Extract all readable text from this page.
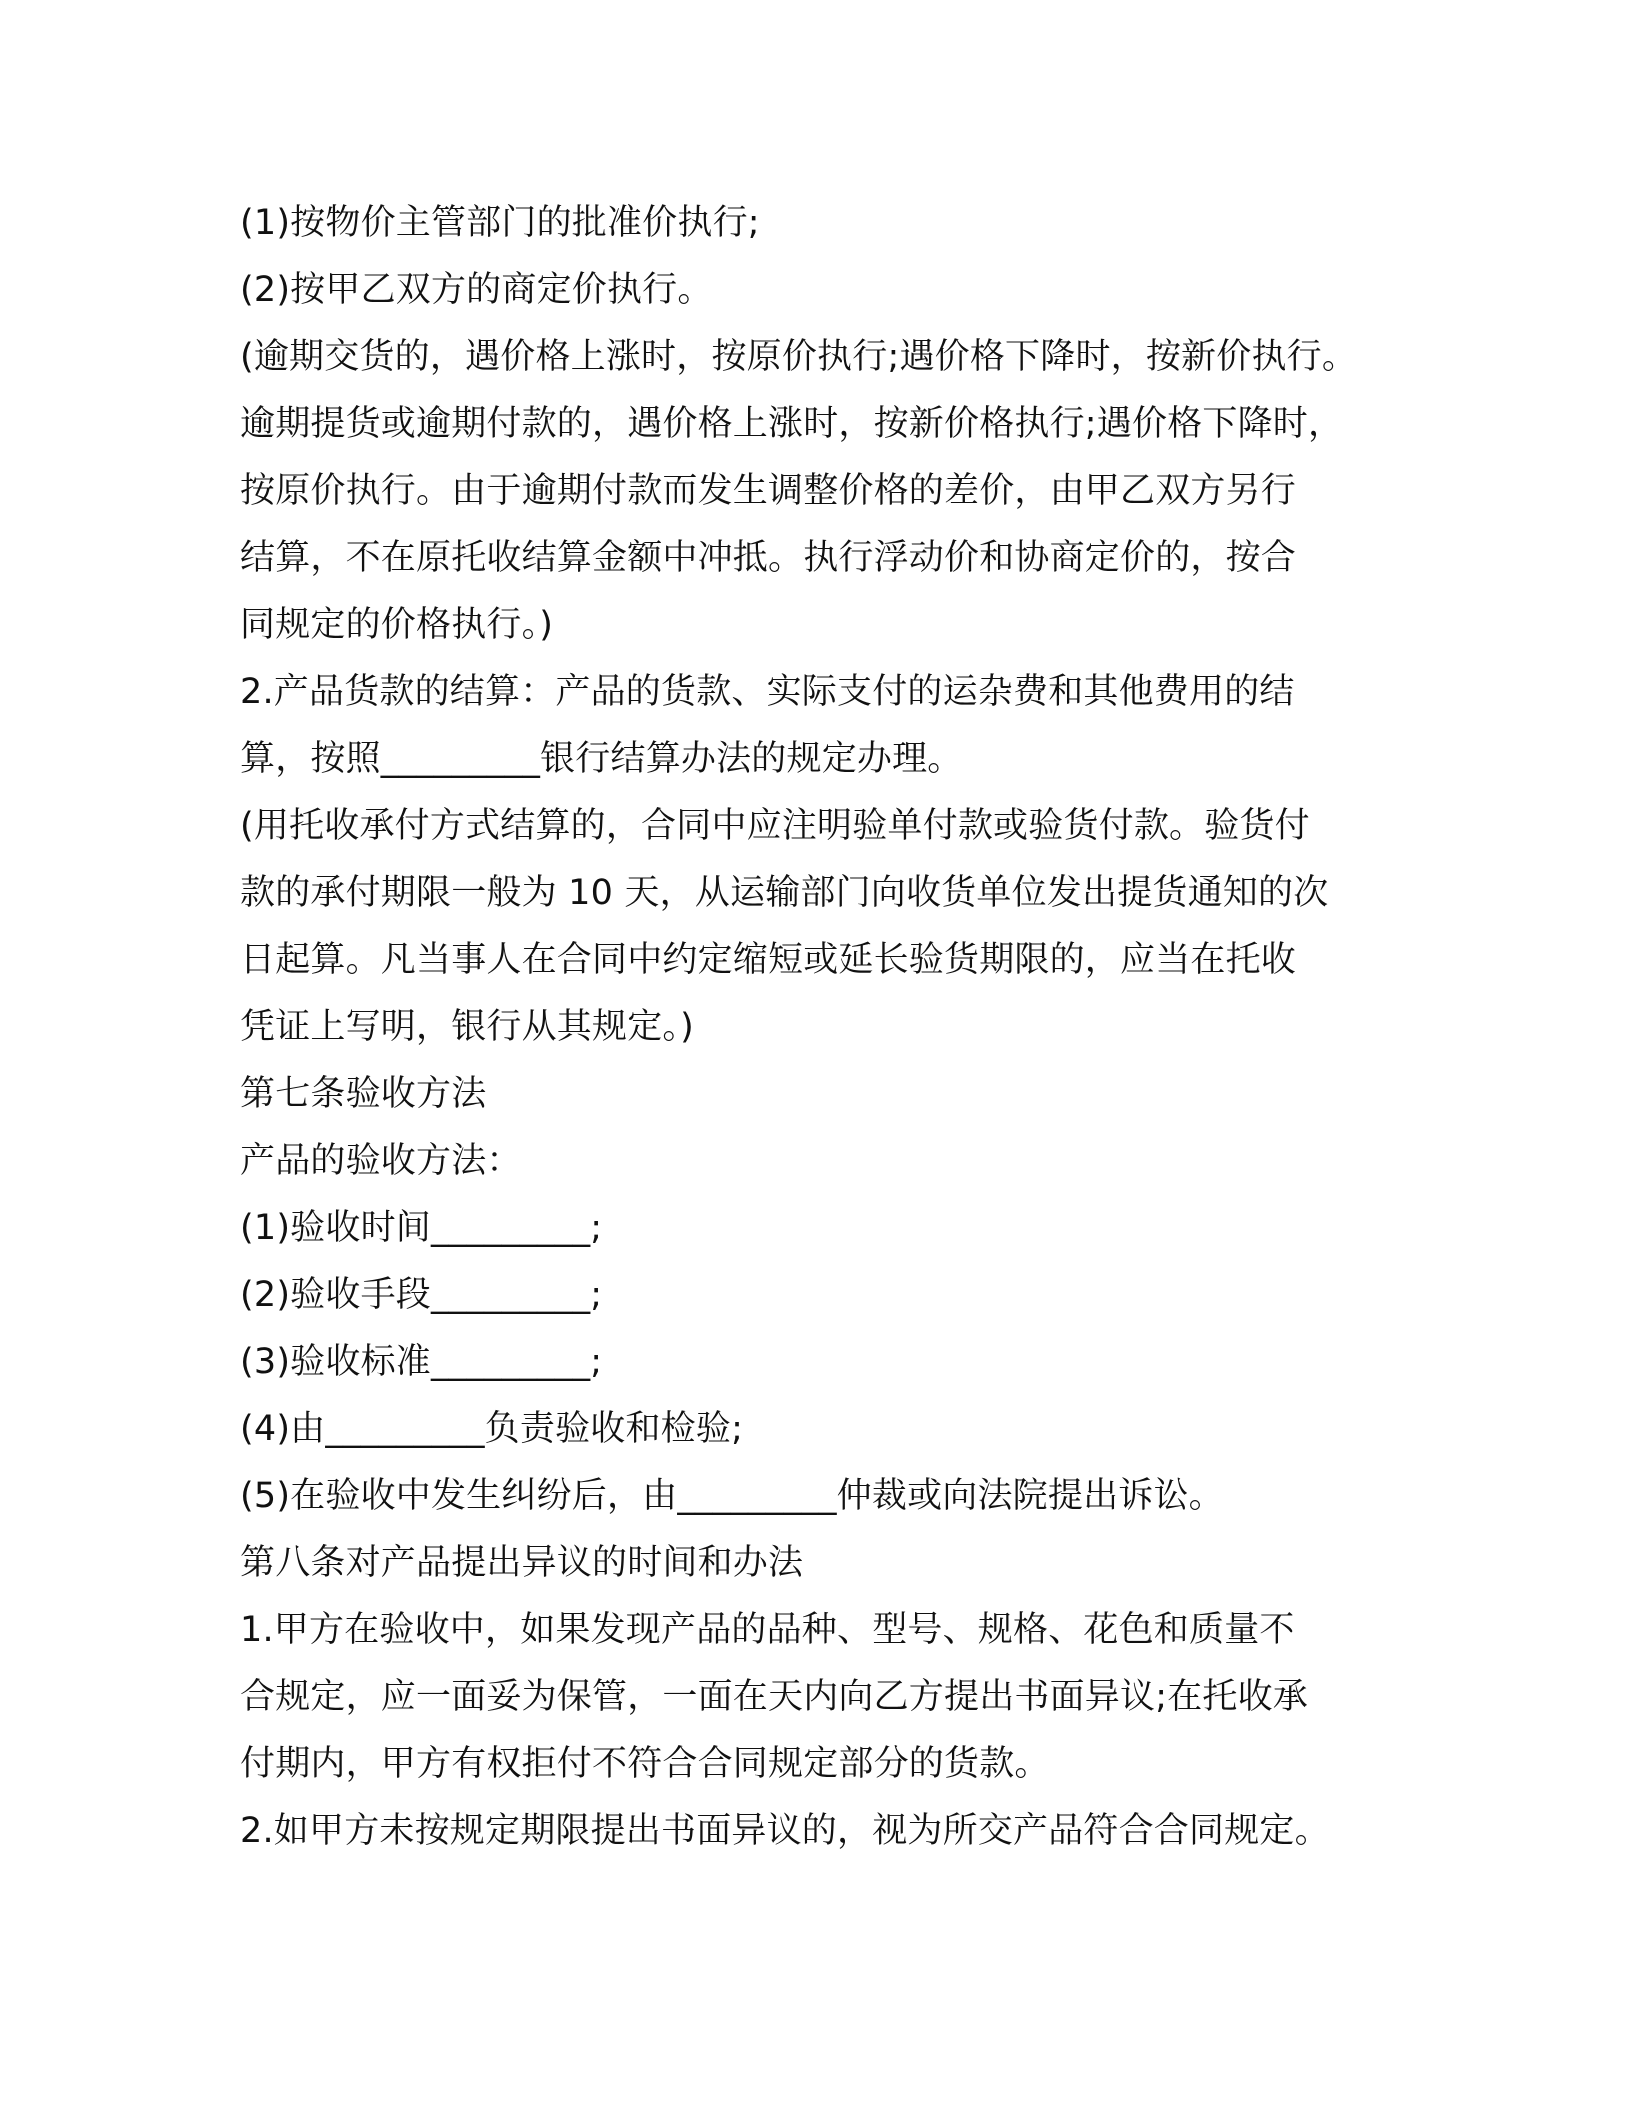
(1)按物价主管部门的批准价执行;
(2)按甲乙双方的商定价执行。
(逾期交货的，遇价格上涨时，按原价执行;遇价格下降时，按新价执行。
逾期提货或逾期付款的，遇价格上涨时，按新价格执行;遇价格下降时，
按原价执行。由于逾期付款而发生调整价格的差价，由甲乙双方另行
结算，不在原托收结算金额中冲抵。执行浮动价和协商定价的，按合
同规定的价格执行。)
2.产品货款的结算：产品的货款、实际支付的运杂费和其他费用的结
算，按照_________银行结算办法的规定办理。
(用托收承付方式结算的，合同中应注明验单付款或验货付款。验货付
款的承付期限一般为 10 天，从运输部门向收货单位发出提货通知的次
日起算。凡当事人在合同中约定缩短或延长验货期限的，应当在托收
凭证上写明，银行从其规定。)
第七条验收方法
产品的验收方法：
(1)验收时间_________;
(2)验收手段_________;
(3)验收标准_________;
(4)由_________负责验收和检验;
(5)在验收中发生纠纷后，由_________仲裁或向法院提出诉讼。
第八条对产品提出异议的时间和办法
1.甲方在验收中，如果发现产品的品种、型号、规格、花色和质量不
合规定，应一面妥为保管，一面在天内向乙方提出书面异议;在托收承
付期内，甲方有权拒付不符合合同规定部分的货款。
2.如甲方未按规定期限提出书面异议的，视为所交产品符合合同规定。
